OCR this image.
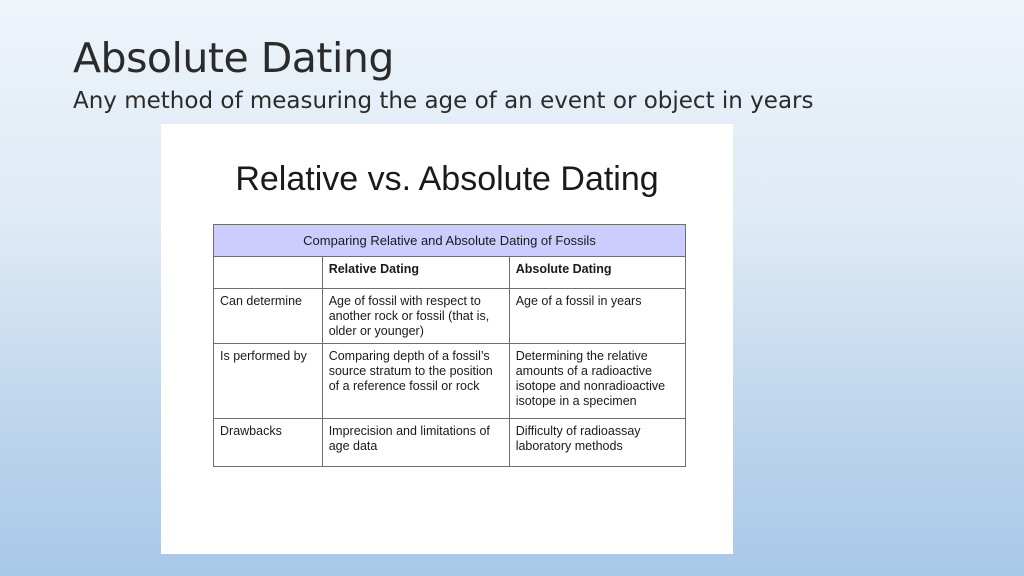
Absolute Dating

Any method of measuring the age of an event or object in years

Relative vs. Absolute Dating
Comparing Relative and Absolute Dating of Fossils		
	Relative Dating	Absolute Dating
Can determine	Age of fossil with respect to another rock or fossil (that is, older or younger)	Age of a fossil in years
Is performed by	Comparing depth of a fossil’s source stratum to the position of a reference fossil or rock	Determining the relative amounts of a radioactive isotope and nonradioactive isotope in a specimen
Drawbacks	Imprecision and limitations of age data	Difficulty of radioassay laboratory methods
